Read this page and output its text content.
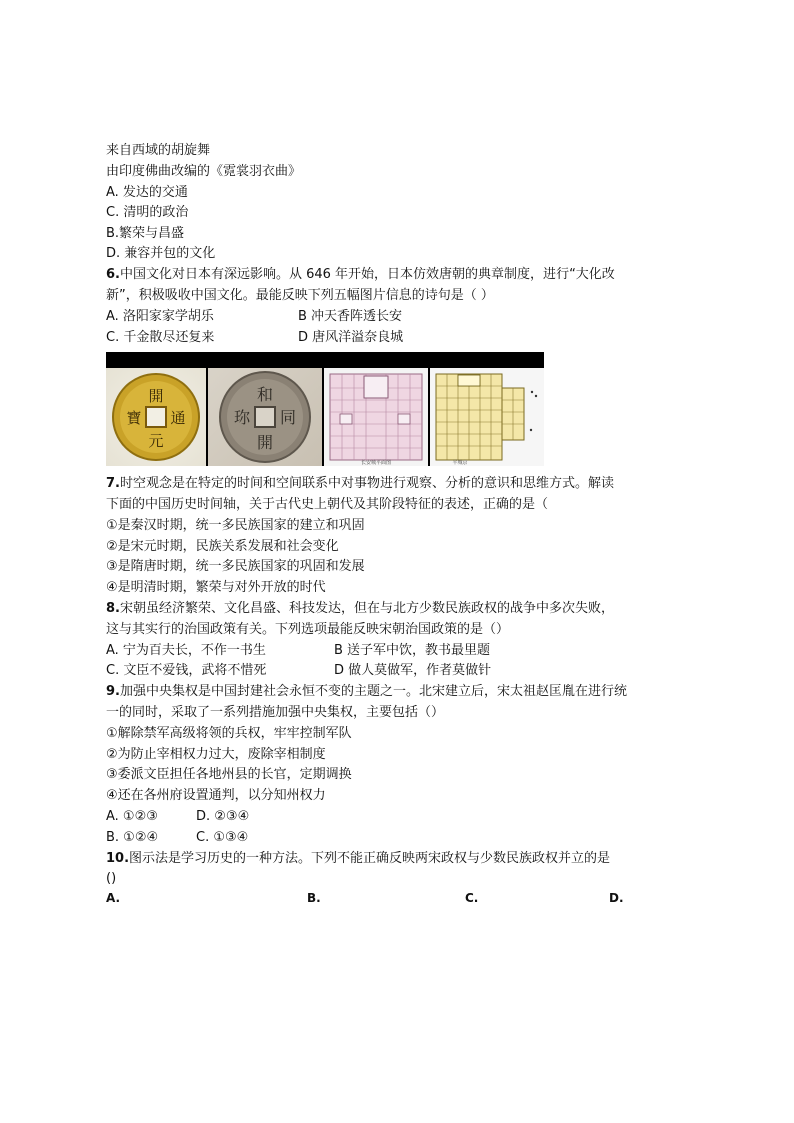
来自西域的胡旋舞
由印度佛曲改编的《霓裳羽衣曲》
A. 发达的交通
C. 清明的政治
B.繁荣与昌盛
D. 兼容并包的文化
6.中国文化对日本有深远影响。从 646 年开始，日本仿效唐朝的典章制度，进行“大化改
新”，积极吸收中国文化。最能反映下列五幅图片信息的诗句是（ ）
A. 洛阳家家学胡乐	B 冲天香阵透长安
C. 千金散尽还复来	D 唐风洋溢奈良城
開
通
元
寶
和
同
開
珎
长安城平面图	平城京
7.时空观念是在特定的时间和空间联系中对事物进行观察、分析的意识和思维方式。解读
下面的中国历史时间轴，关于古代史上朝代及其阶段特征的表述，正确的是（
①是秦汉时期，统一多民族国家的建立和巩固
②是宋元时期，民族关系发展和社会变化
③是隋唐时期，统一多民族国家的巩固和发展
④是明清时期，繁荣与对外开放的时代
8.宋朝虽经济繁荣、文化昌盛、科技发达，但在与北方少数民族政权的战争中多次失败，
这与其实行的治国政策有关。下列选项最能反映宋朝治国政策的是（）
A. 宁为百夫长，不作一书生	B 送子军中饮，教书最里题
C. 文臣不爱钱，武将不惜死	D 做人莫做军，作者莫做针
9.加强中央集权是中国封建社会永恒不变的主题之一。北宋建立后，宋太祖赵匡胤在进行统
一的同时，采取了一系列措施加强中央集权，主要包括（）
①解除禁军高级将领的兵权，牢牢控制军队
②为防止宰相权力过大，废除宰相制度
③委派文臣担任各地州县的长官，定期调换
④还在各州府设置通判，以分知州权力
A. ①②③	D. ②③④
B. ①②④	C. ①③④
10.图示法是学习历史的一种方法。下列不能正确反映两宋政权与少数民族政权并立的是
()
A.	B.	C.	D.
